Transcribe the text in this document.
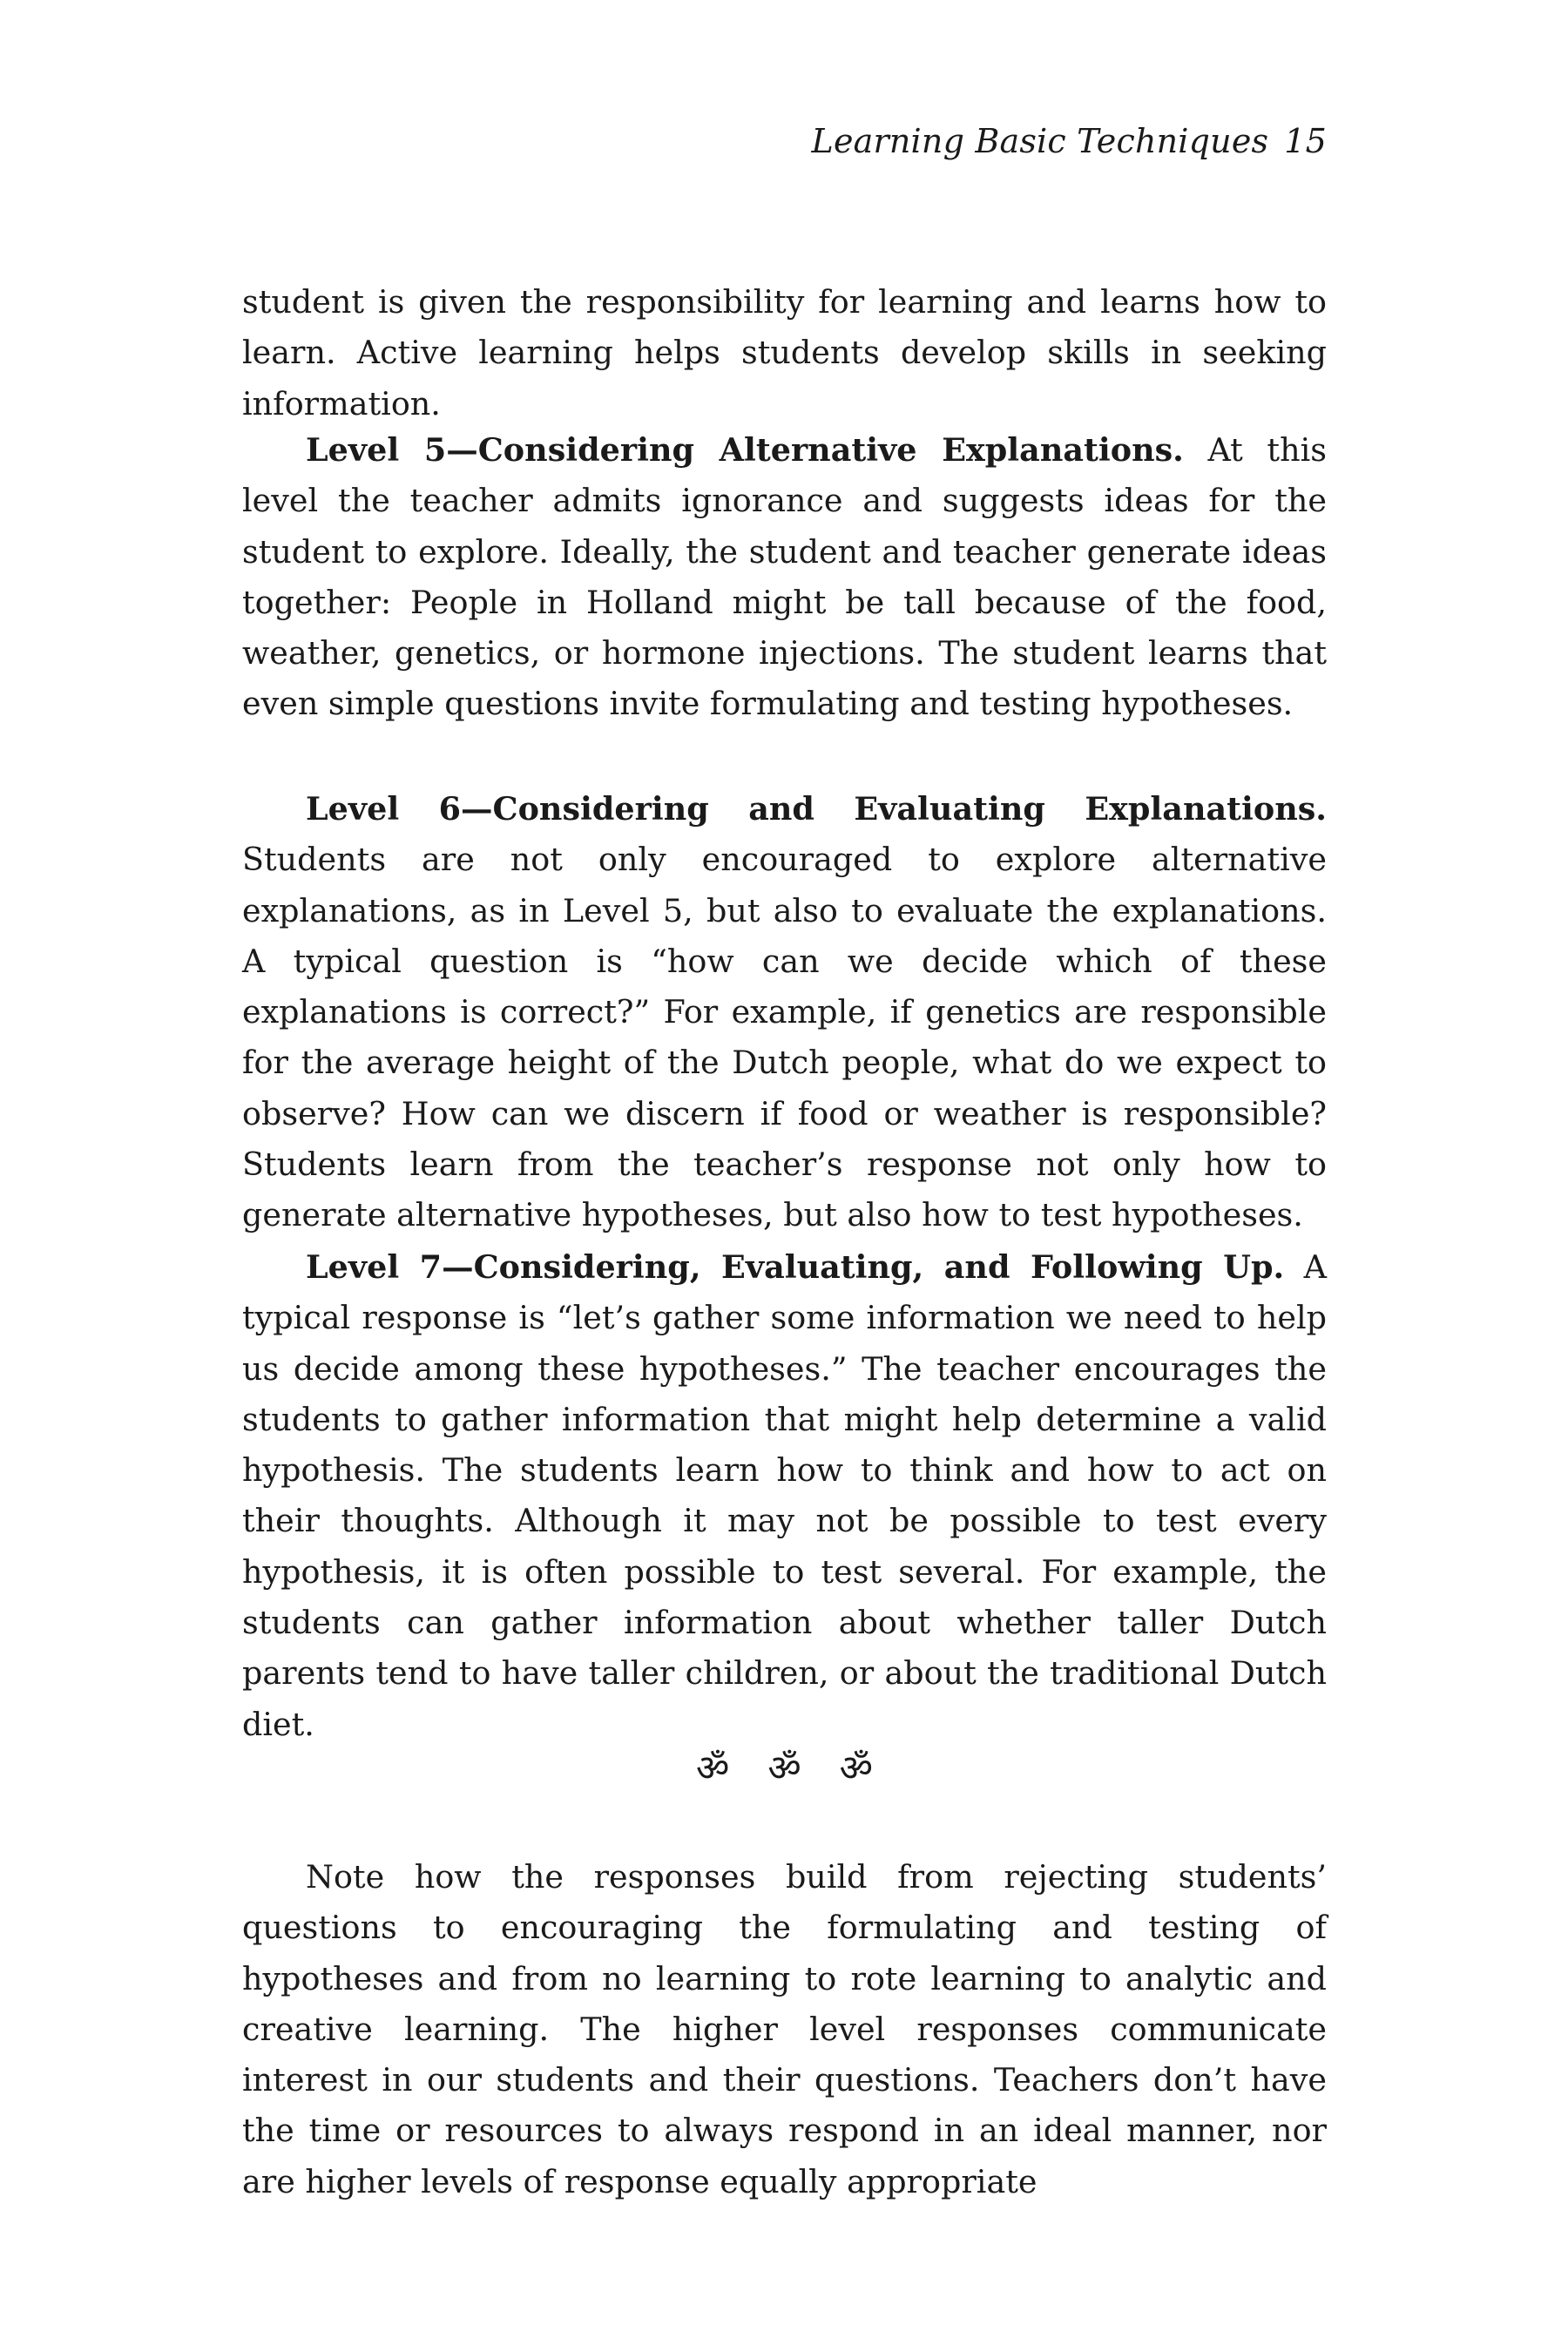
Learning Basic Techniques 15

student is given the responsibility for learning and learns how to learn. Active learning helps students develop skills in seeking information.

Level 5—Considering Alternative Explanations. At this level the teacher admits ignorance and suggests ideas for the student to explore. Ideally, the student and teacher generate ideas together: People in Holland might be tall because of the food, weather, genetics, or hormone injections. The student learns that even simple questions invite formulating and testing hypotheses.

Level 6—Considering and Evaluating Explanations. Students are not only encouraged to explore alternative explanations, as in Level 5, but also to evaluate the explanations. A typical question is “how can we decide which of these explanations is correct?” For example, if genetics are responsible for the average height of the Dutch people, what do we expect to observe? How can we discern if food or weather is responsible? Students learn from the teacher’s response not only how to generate alternative hypotheses, but also how to test hypotheses.

Level 7—Considering, Evaluating, and Following Up. A typical response is “let’s gather some information we need to help us decide among these hypotheses.” The teacher encourages the students to gather information that might help determine a valid hypothesis. The students learn how to think and how to act on their thoughts. Although it may not be possible to test every hypothesis, it is often possible to test several. For example, the students can gather information about whether taller Dutch parents tend to have taller children, or about the traditional Dutch diet.

ॐ ॐ ॐ

Note how the responses build from rejecting students’ questions to encouraging the formulating and testing of hypotheses and from no learning to rote learning to analytic and creative learning. The higher level responses communicate interest in our students and their questions. Teachers don’t have the time or resources to always respond in an ideal manner, nor are higher levels of response equally appropriate
